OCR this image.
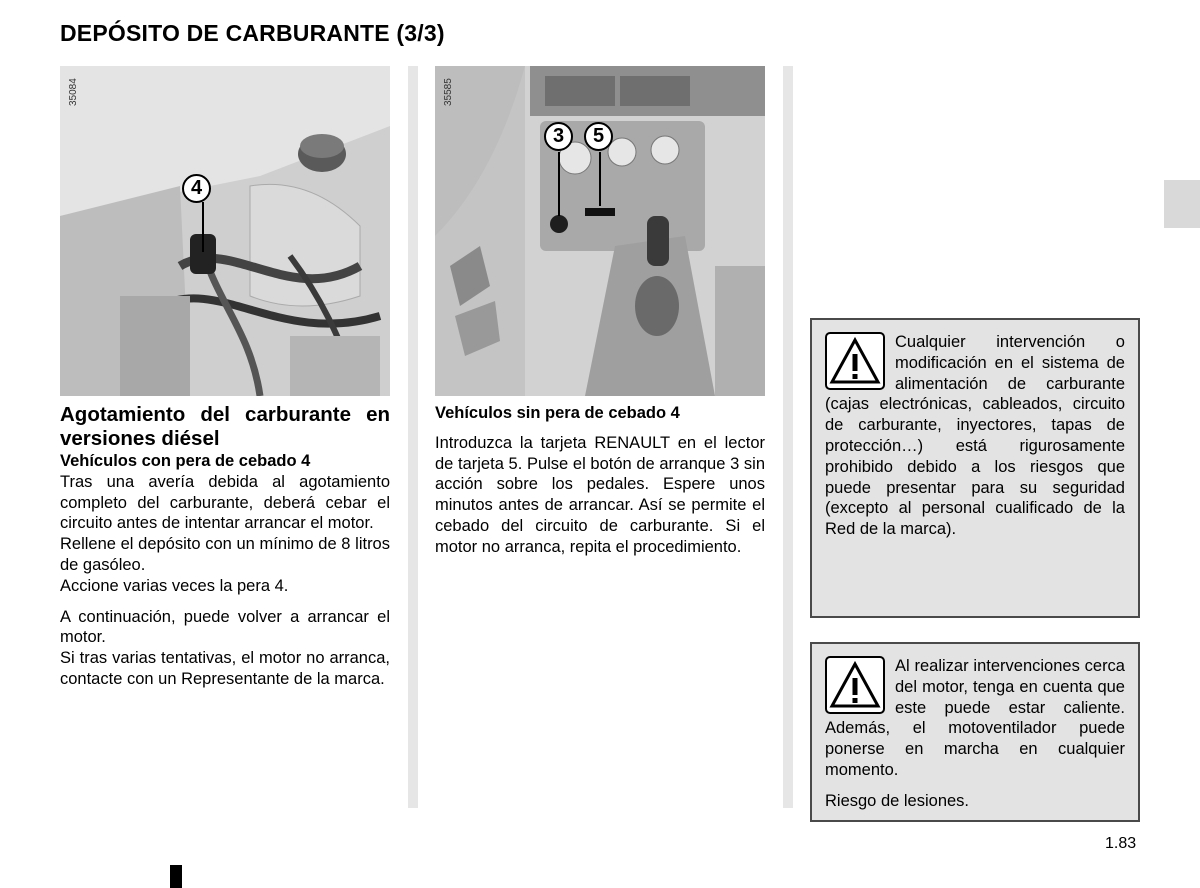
DEPÓSITO DE CARBURANTE (3/3)
35084
4
35585
3	5
Agotamiento del carburante en versiones diésel
Vehículos con pera de cebado 4
Tras una avería debida al agotamiento completo del carburante, deberá cebar el circuito antes de intentar arrancar el motor.
Rellene el depósito con un mínimo de 8 litros de gasóleo.
Accione varias veces la pera 4.
A continuación, puede volver a arrancar el motor.
Si tras varias tentativas, el motor no arranca, contacte con un Representante de la marca.
Vehículos sin pera de cebado 4
Introduzca la tarjeta RENAULT en el lector de tarjeta 5. Pulse el botón de arranque 3 sin acción sobre los pedales. Espere unos minutos antes de arrancar. Así se permite el cebado del circuito de carburante. Si el motor no arranca, repita el procedimiento.
Cualquier intervención o modificación en el sistema de alimentación de carburante (cajas electrónicas, cableados, circuito de carburante, inyectores, tapas de protección…) está rigurosamente prohibido debido a los riesgos que puede presentar para su seguridad (excepto al personal cualificado de la Red de la marca).
Al realizar intervenciones cerca del motor, tenga en cuenta que este puede estar caliente. Además, el motoventilador puede ponerse en marcha en cualquier momento.
Riesgo de lesiones.
1.83
